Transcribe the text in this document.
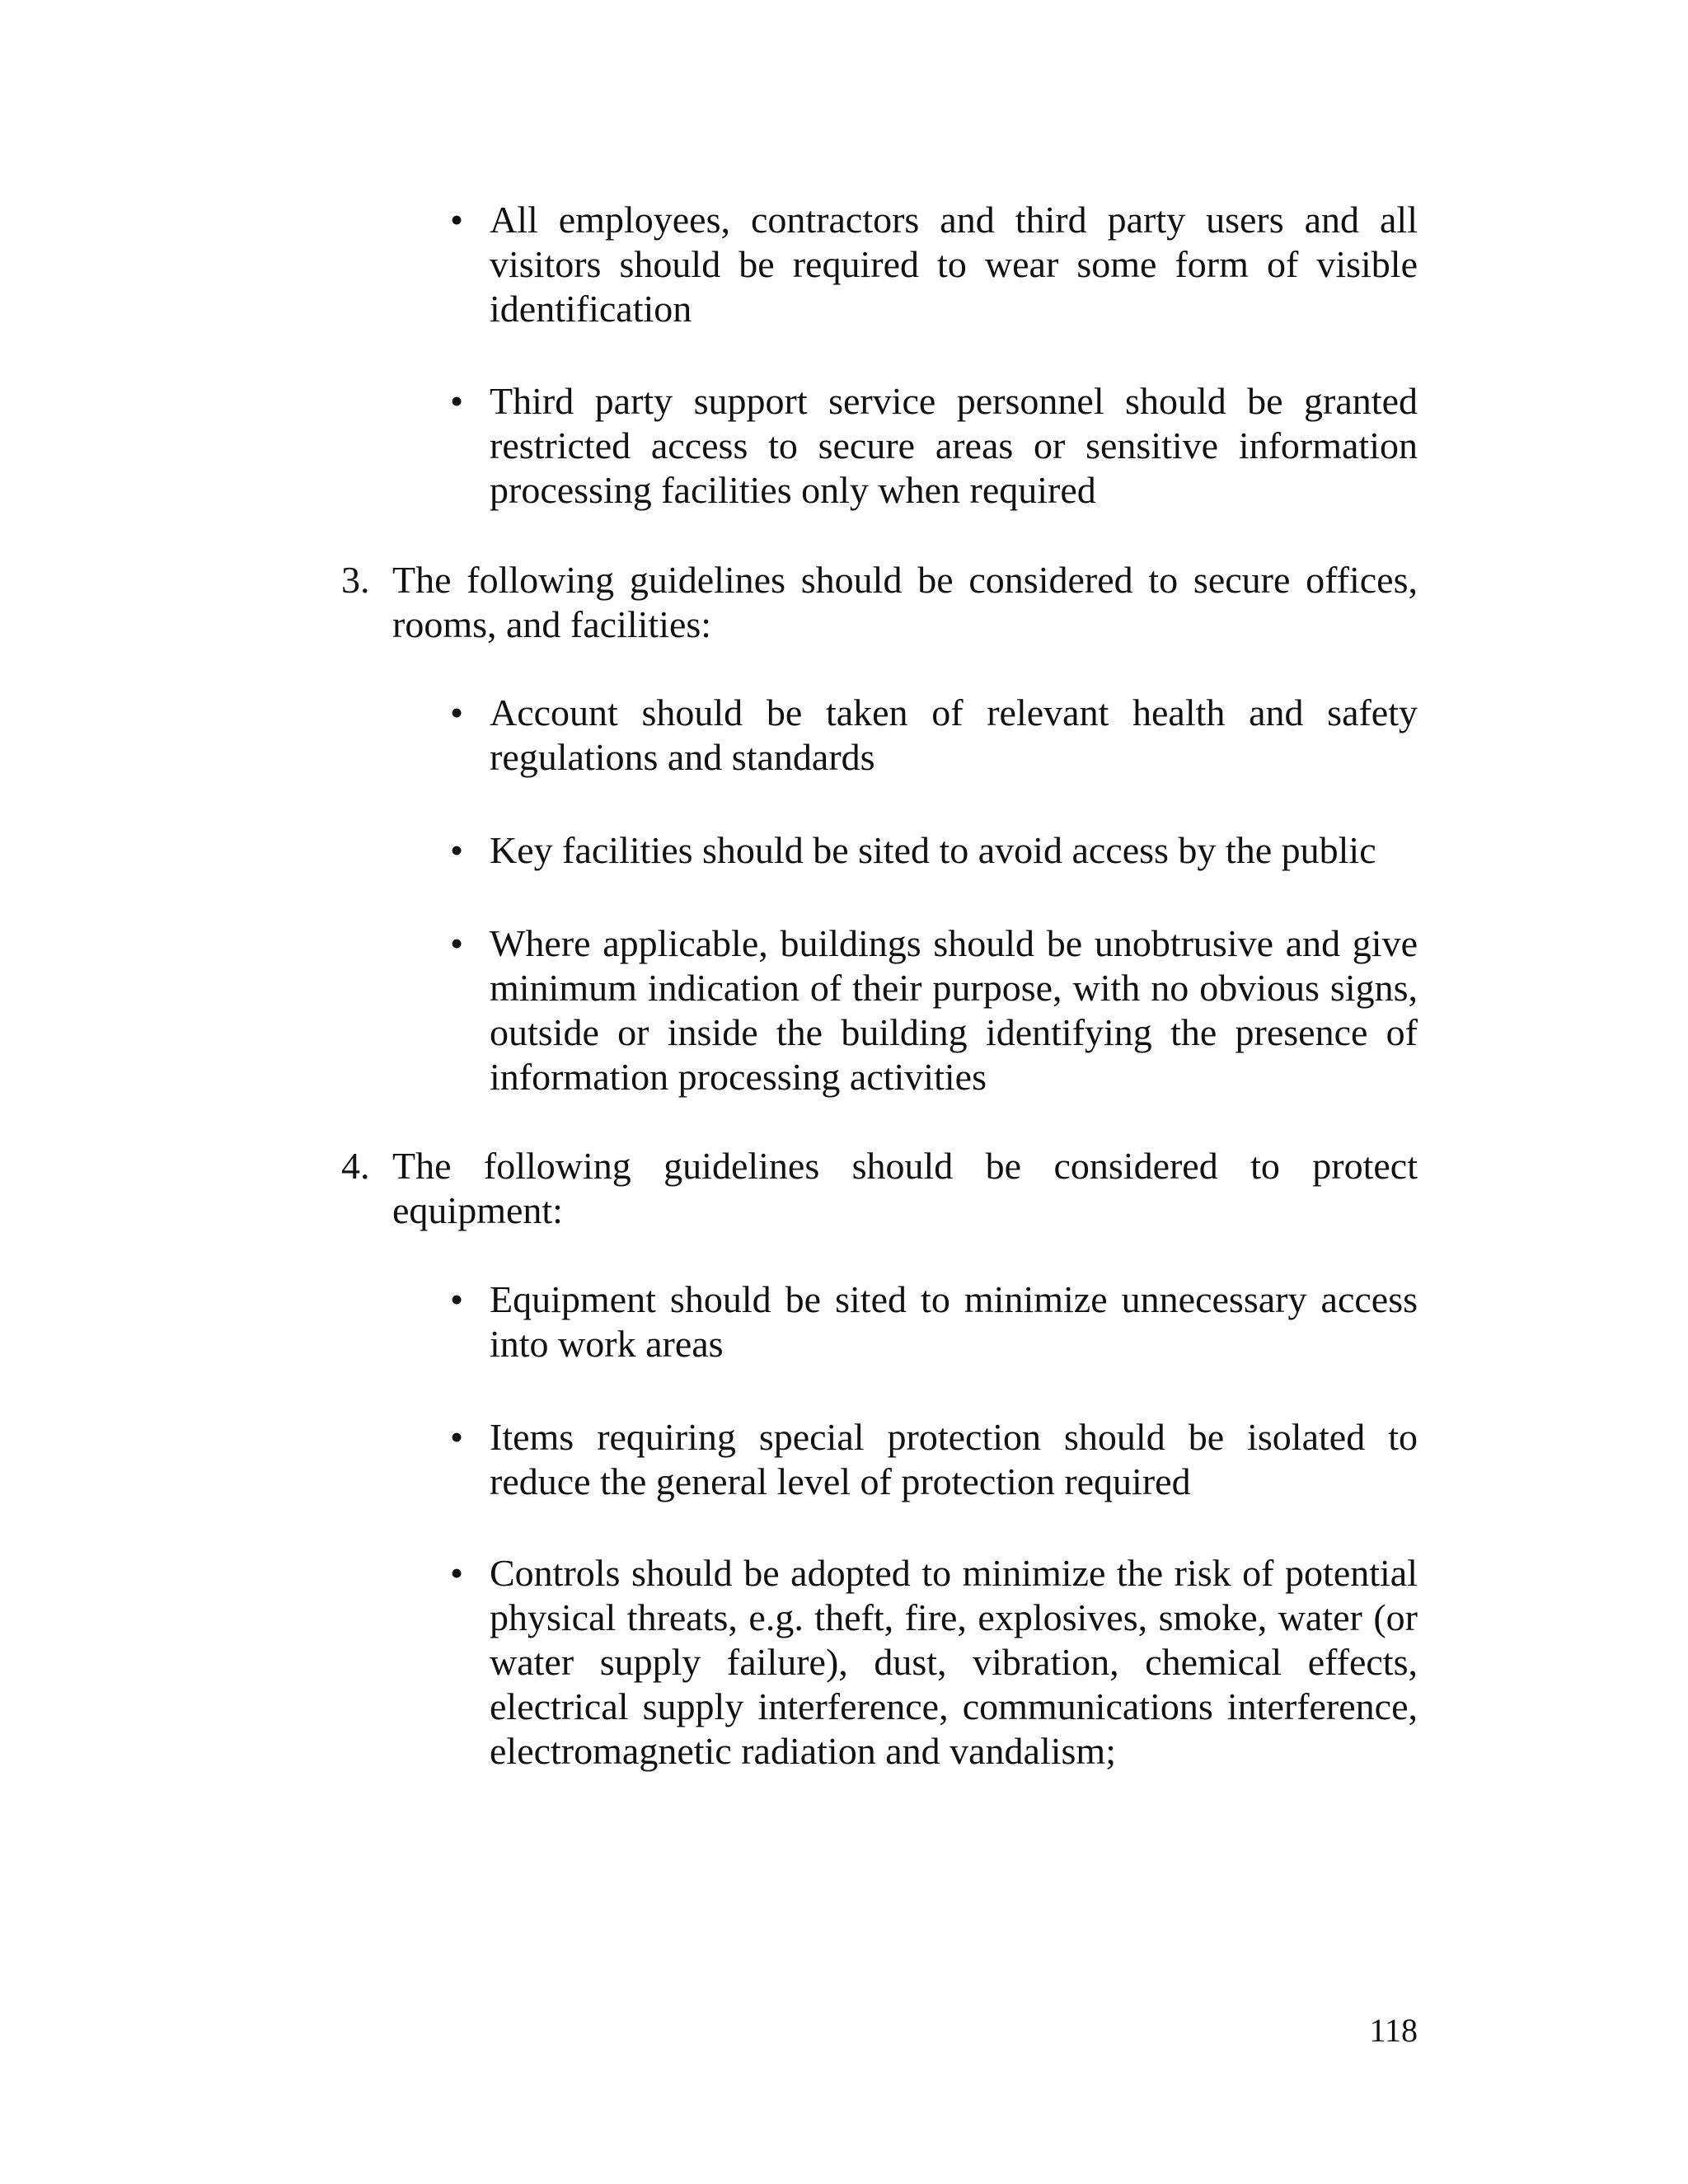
• All employees, contractors and third party users and all visitors should be required to wear some form of visible identification
• Third party support service personnel should be granted restricted access to secure areas or sensitive information processing facilities only when required
3. The following guidelines should be considered to secure offices, rooms, and facilities:
• Account should be taken of relevant health and safety regulations and standards
• Key facilities should be sited to avoid access by the public
• Where applicable, buildings should be unobtrusive and give minimum indication of their purpose, with no obvious signs, outside or inside the building identifying the presence of information processing activities
4. The following guidelines should be considered to protect
equipment:
• Equipment should be sited to minimize unnecessary access into work areas
• Items requiring special protection should be isolated to reduce the general level of protection required
• Controls should be adopted to minimize the risk of potential physical threats, e.g. theft, fire, explosives, smoke, water (or water supply failure), dust, vibration, chemical effects, electrical supply interference, communications interference, electromagnetic radiation and vandalism;
118
